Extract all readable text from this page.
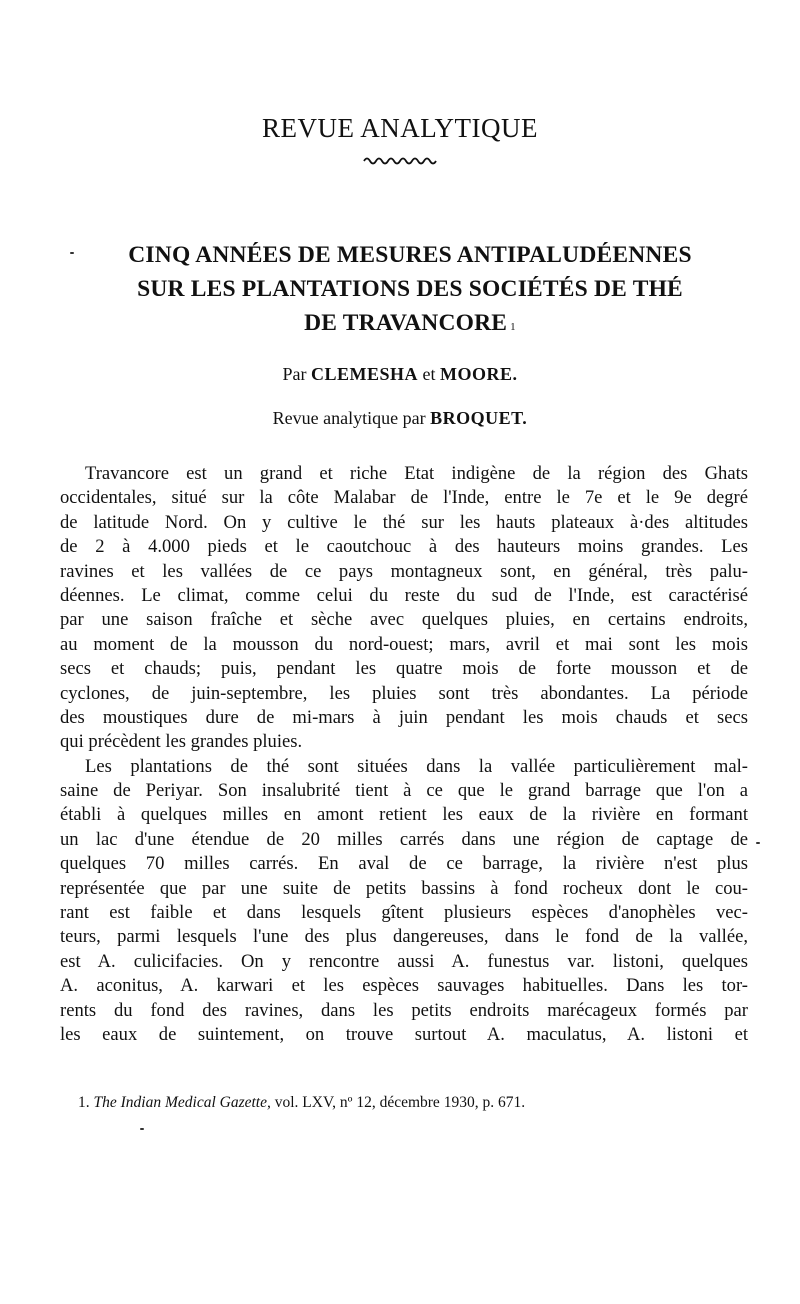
REVUE ANALYTIQUE
CINQ ANNÉES DE MESURES ANTIPALUDÉENNES
SUR LES PLANTATIONS DES SOCIÉTÉS DE THÉ
DE TRAVANCORE $^1$
Par CLEMESHA et MOORE.
Revue analytique par BROQUET.
Travancore est un grand et riche Etat indigène de la région des Ghats
occidentales, situé sur la côte Malabar de l'Inde, entre le 7e et le 9e degré
de latitude Nord. On y cultive le thé sur les hauts plateaux à·des altitudes
de 2 à 4.000 pieds et le caoutchouc à des hauteurs moins grandes. Les
ravines et les vallées de ce pays montagneux sont, en général, très palu-
déennes. Le climat, comme celui du reste du sud de l'Inde, est caractérisé
par une saison fraîche et sèche avec quelques pluies, en certains endroits,
au moment de la mousson du nord-ouest; mars, avril et mai sont les mois
secs et chauds; puis, pendant les quatre mois de forte mousson et de
cyclones, de juin-septembre, les pluies sont très abondantes. La période
des moustiques dure de mi-mars à juin pendant les mois chauds et secs
qui précèdent les grandes pluies.
Les plantations de thé sont situées dans la vallée particulièrement mal-
saine de Periyar. Son insalubrité tient à ce que le grand barrage que l'on a
établi à quelques milles en amont retient les eaux de la rivière en formant
un lac d'une étendue de 20 milles carrés dans une région de captage de
quelques 70 milles carrés. En aval de ce barrage, la rivière n'est plus
représentée que par une suite de petits bassins à fond rocheux dont le cou-
rant est faible et dans lesquels gîtent plusieurs espèces d'anophèles vec-
teurs, parmi lesquels l'une des plus dangereuses, dans le fond de la vallée,
est A. culicifacies. On y rencontre aussi A. funestus var. listoni, quelques
A. aconitus, A. karwari et les espèces sauvages habituelles. Dans les tor-
rents du fond des ravines, dans les petits endroits marécageux formés par
les eaux de suintement, on trouve surtout A. maculatus, A. listoni et
1. The Indian Medical Gazette, vol. LXV, nº 12, décembre 1930, p. 671.
